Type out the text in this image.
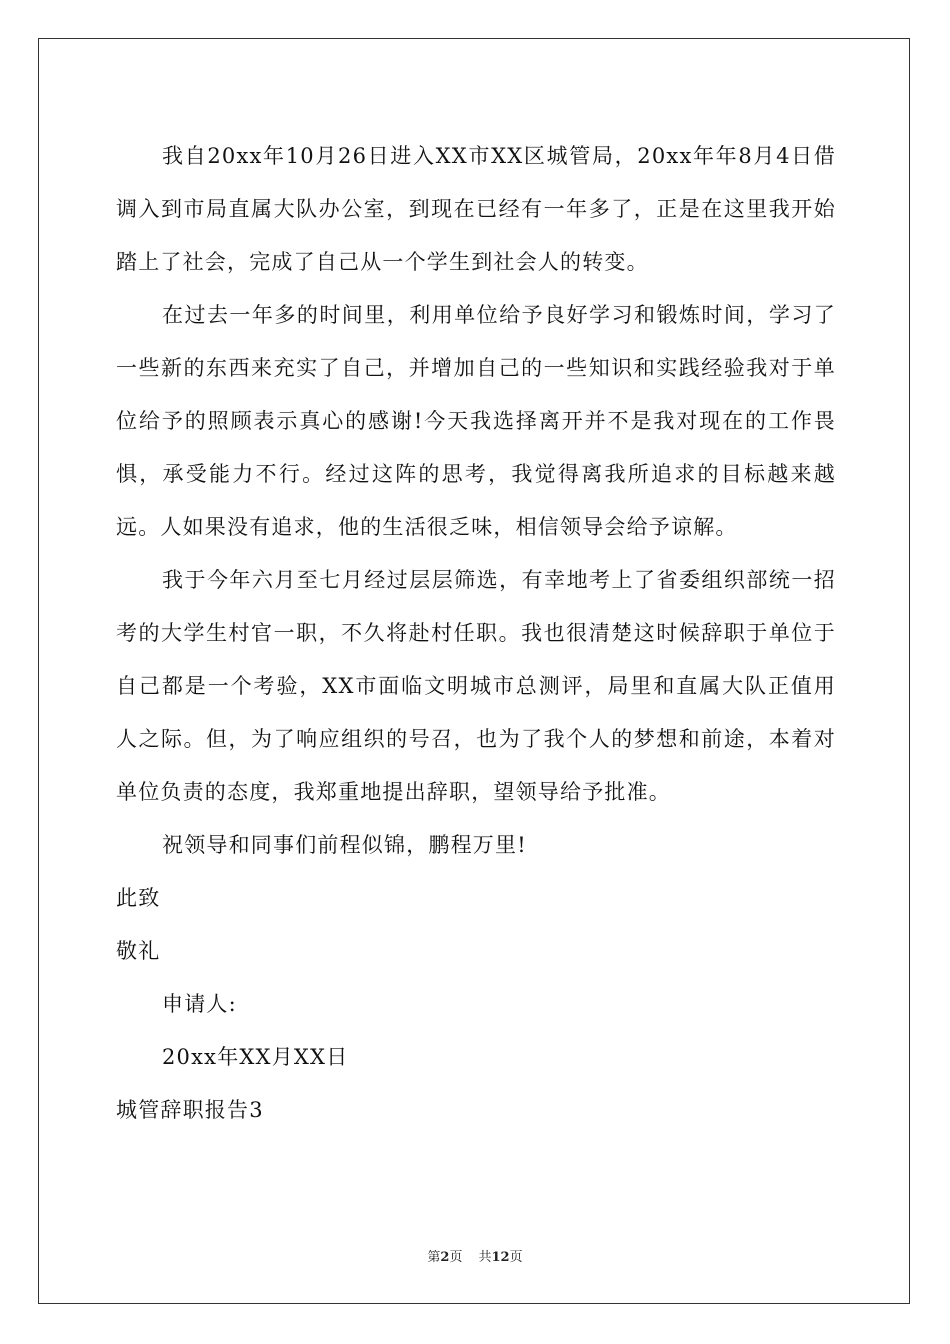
我自20xx年10月26日进入XX市XX区城管局，20xx年年8月4日借调入到市局直属大队办公室，到现在已经有一年多了，正是在这里我开始踏上了社会，完成了自己从一个学生到社会人的转变。

在过去一年多的时间里，利用单位给予良好学习和锻炼时间，学习了一些新的东西来充实了自己，并增加自己的一些知识和实践经验我对于单位给予的照顾表示真心的感谢!今天我选择离开并不是我对现在的工作畏惧，承受能力不行。经过这阵的思考，我觉得离我所追求的目标越来越远。人如果没有追求，他的生活很乏味，相信领导会给予谅解。

我于今年六月至七月经过层层筛选，有幸地考上了省委组织部统一招考的大学生村官一职，不久将赴村任职。我也很清楚这时候辞职于单位于自己都是一个考验，XX市面临文明城市总测评，局里和直属大队正值用人之际。但，为了响应组织的号召，也为了我个人的梦想和前途，本着对单位负责的态度，我郑重地提出辞职，望领导给予批准。

祝领导和同事们前程似锦，鹏程万里!

此致

敬礼

申请人:

20xx年XX月XX日

城管辞职报告3

第2页 共12页
